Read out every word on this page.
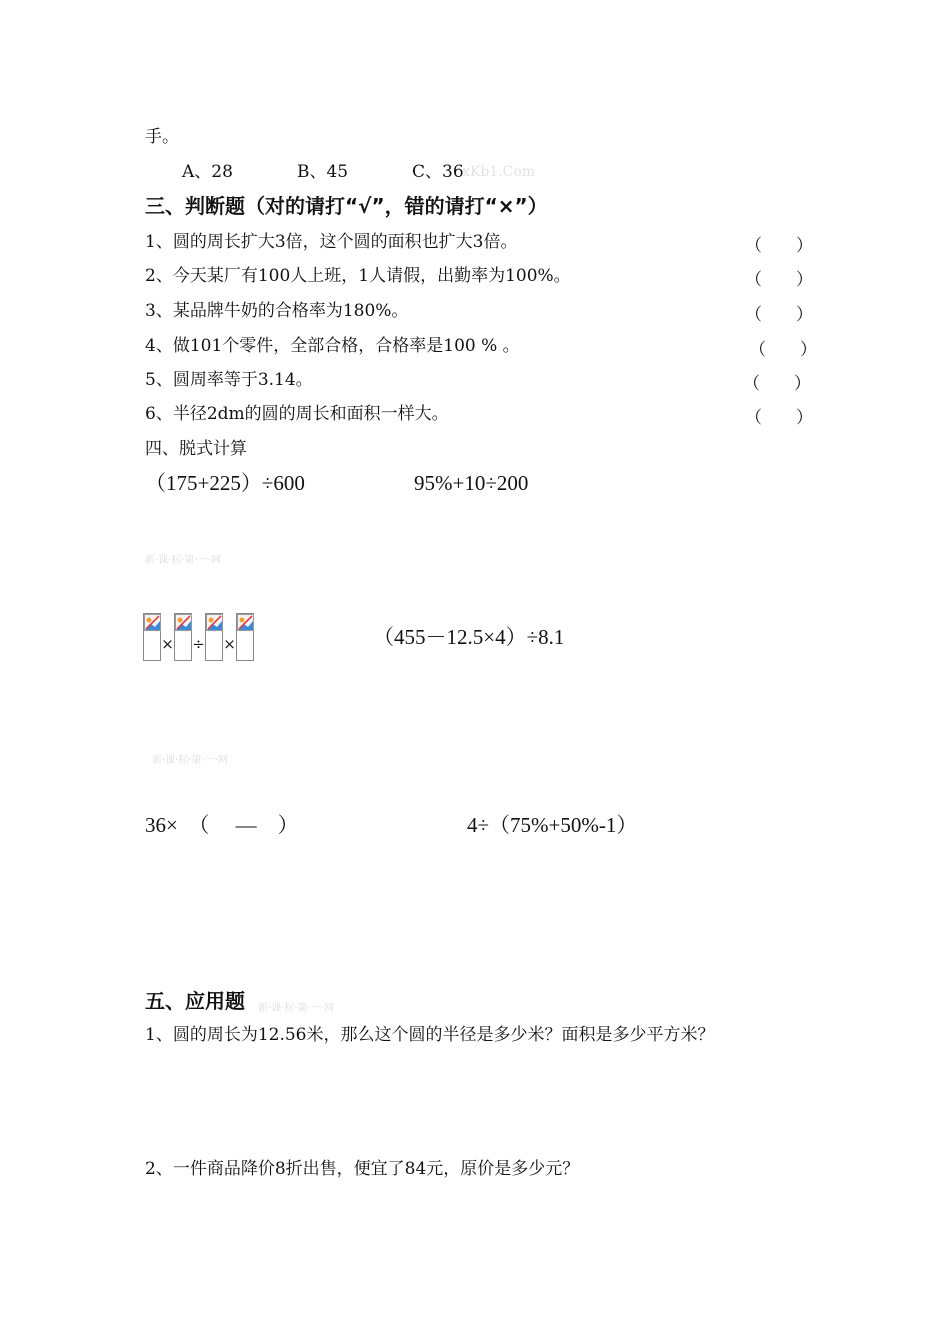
手。
A、28	B、45	C、36
xKb1.Com
三、判断题（对的请打“√”，错的请打“×”）
1、圆的周长扩大3倍，这个圆的面积也扩大3倍。	（　　）
2、今天某厂有100人上班，1人请假，出勤率为100%。	（　　）
3、某品牌牛奶的合格率为180%。	（　　）
4、做101个零件，全部合格，合格率是100 % 。	（　　）
5、圆周率等于3.14。	（　　）
6、半径2dm的圆的周长和面积一样大。	（　　）
四、脱式计算
（175+225）÷600	95%+10÷200
新·课·标·第·一·网
× ÷ ×	（455－12.5×4）÷8.1
新·课·标·第·一·网
36×　（　 —　）	4÷（75%+50%-1）
五、应用题 新·课·标·第·一·网
1、圆的周长为12.56米，那么这个圆的半径是多少米？面积是多少平方米？
2、一件商品降价8折出售，便宜了84元，原价是多少元？
